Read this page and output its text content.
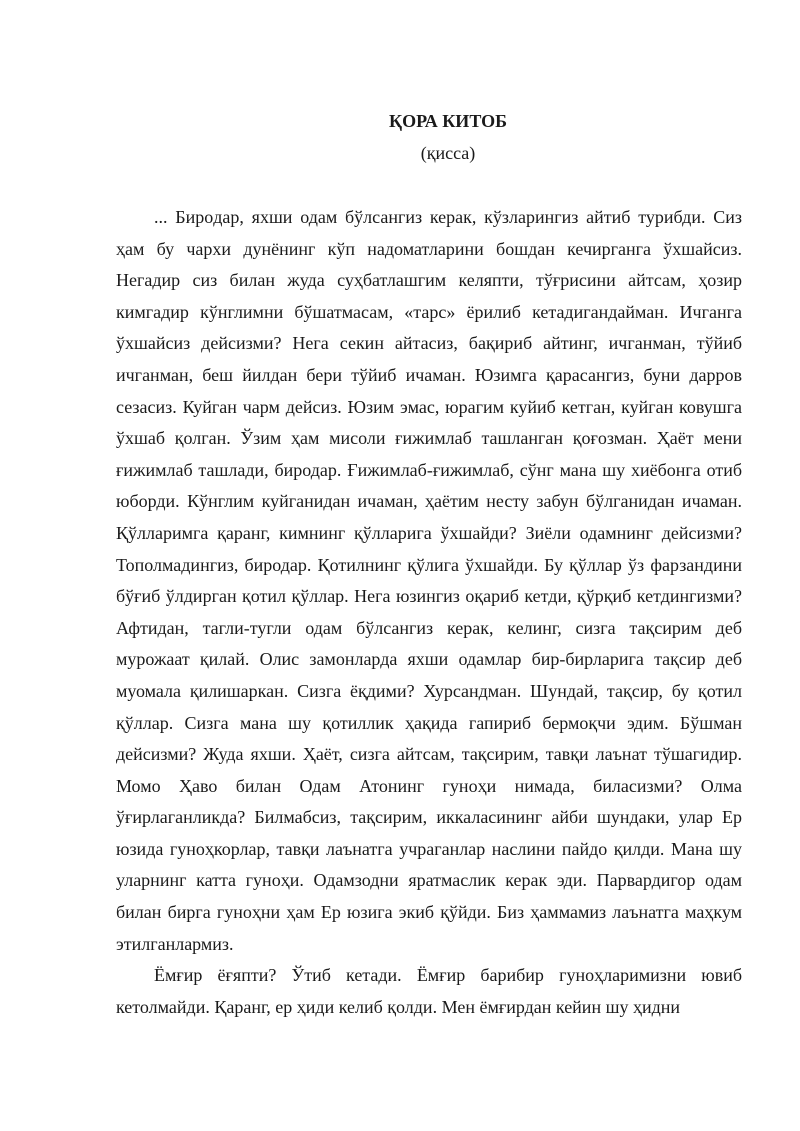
ҚОРА КИТОБ
(қисса)

... Бирoдар, яхши одам бўлсангиз керак, кўзларингиз айтиб турибди. Сиз ҳам бу чархи дунёнинг кўп надоматларини бошдан кечирганга ўхшайсиз. Негадир сиз билан жуда суҳбатлашгим келяпти, тўғрисини айтсам, ҳозир кимгадир кўнглимни бўшатмасам, «тарс» ёрилиб кетадигандайман. Ичганга ўхшайсиз дейсизми? Нега секин айтасиз, бақириб айтинг, ичганман, тўйиб ичганман, беш йилдан бери тўйиб ичаман. Юзимга қарасангиз, буни дарров сезасиз. Куйган чарм дейсиз. Юзим эмас, юрагим куйиб кетган, куйган ковушга ўхшаб қолган. Ўзим ҳам мисоли ғижимлаб ташланган қоғозман. Ҳаёт мени ғижимлаб ташлади, биродар. Ғижимлаб-ғижимлаб, сўнг мана шу хиёбонга отиб юборди. Кўнглим куйганидан ичаман, ҳаётим несту забун бўлганидан ичаман. Қўлларимга қаранг, кимнинг қўлларига ўхшайди? Зиёли одамнинг дейсизми? Тополмадингиз, биродар. Қотилнинг қўлига ўхшайди. Бу қўллар ўз фарзандини бўғиб ўлдирган қотил қўллар. Нега юзингиз оқариб кетди, қўрқиб кетдингизми? Афтидан, тагли-тугли одам бўлсангиз керак, келинг, сизга тақсирим деб мурожаат қилай. Олис замонларда яхши одамлар бир-бирларига тақсир деб муомала қилишаркан. Сизга ёқдими? Хурсандман. Шундай, тақсир, бу қотил қўллар. Сизга мана шу қотиллик ҳақида гапириб бермоқчи эдим. Бўшман дейсизми? Жуда яхши. Ҳаёт, сизга айтсам, тақсирим, тавқи лаънат тўшагидир. Момо Ҳаво билан Одам Атонинг гуноҳи нимада, биласизми? Олма ўғирлаганликда? Билмабсиз, тақсирим, иккаласининг айби шундаки, улар Ер юзида гуноҳкорлар, тавқи лаънатга учраганлар наслини пайдо қилди. Мана шу уларнинг катта гуноҳи. Одамзодни яратмаслик керак эди. Парвардигор одам билан бирга гуноҳни ҳам Ер юзига экиб қўйди. Биз ҳаммамиз лаънатга маҳкум этилганлармиз.

Ёмғир ёғяпти? Ўтиб кетади. Ёмғир барибир гуноҳларимизни ювиб кетолмайди. Қаранг, ер ҳиди келиб қолди. Мен ёмғирдан кейин шу ҳидни
